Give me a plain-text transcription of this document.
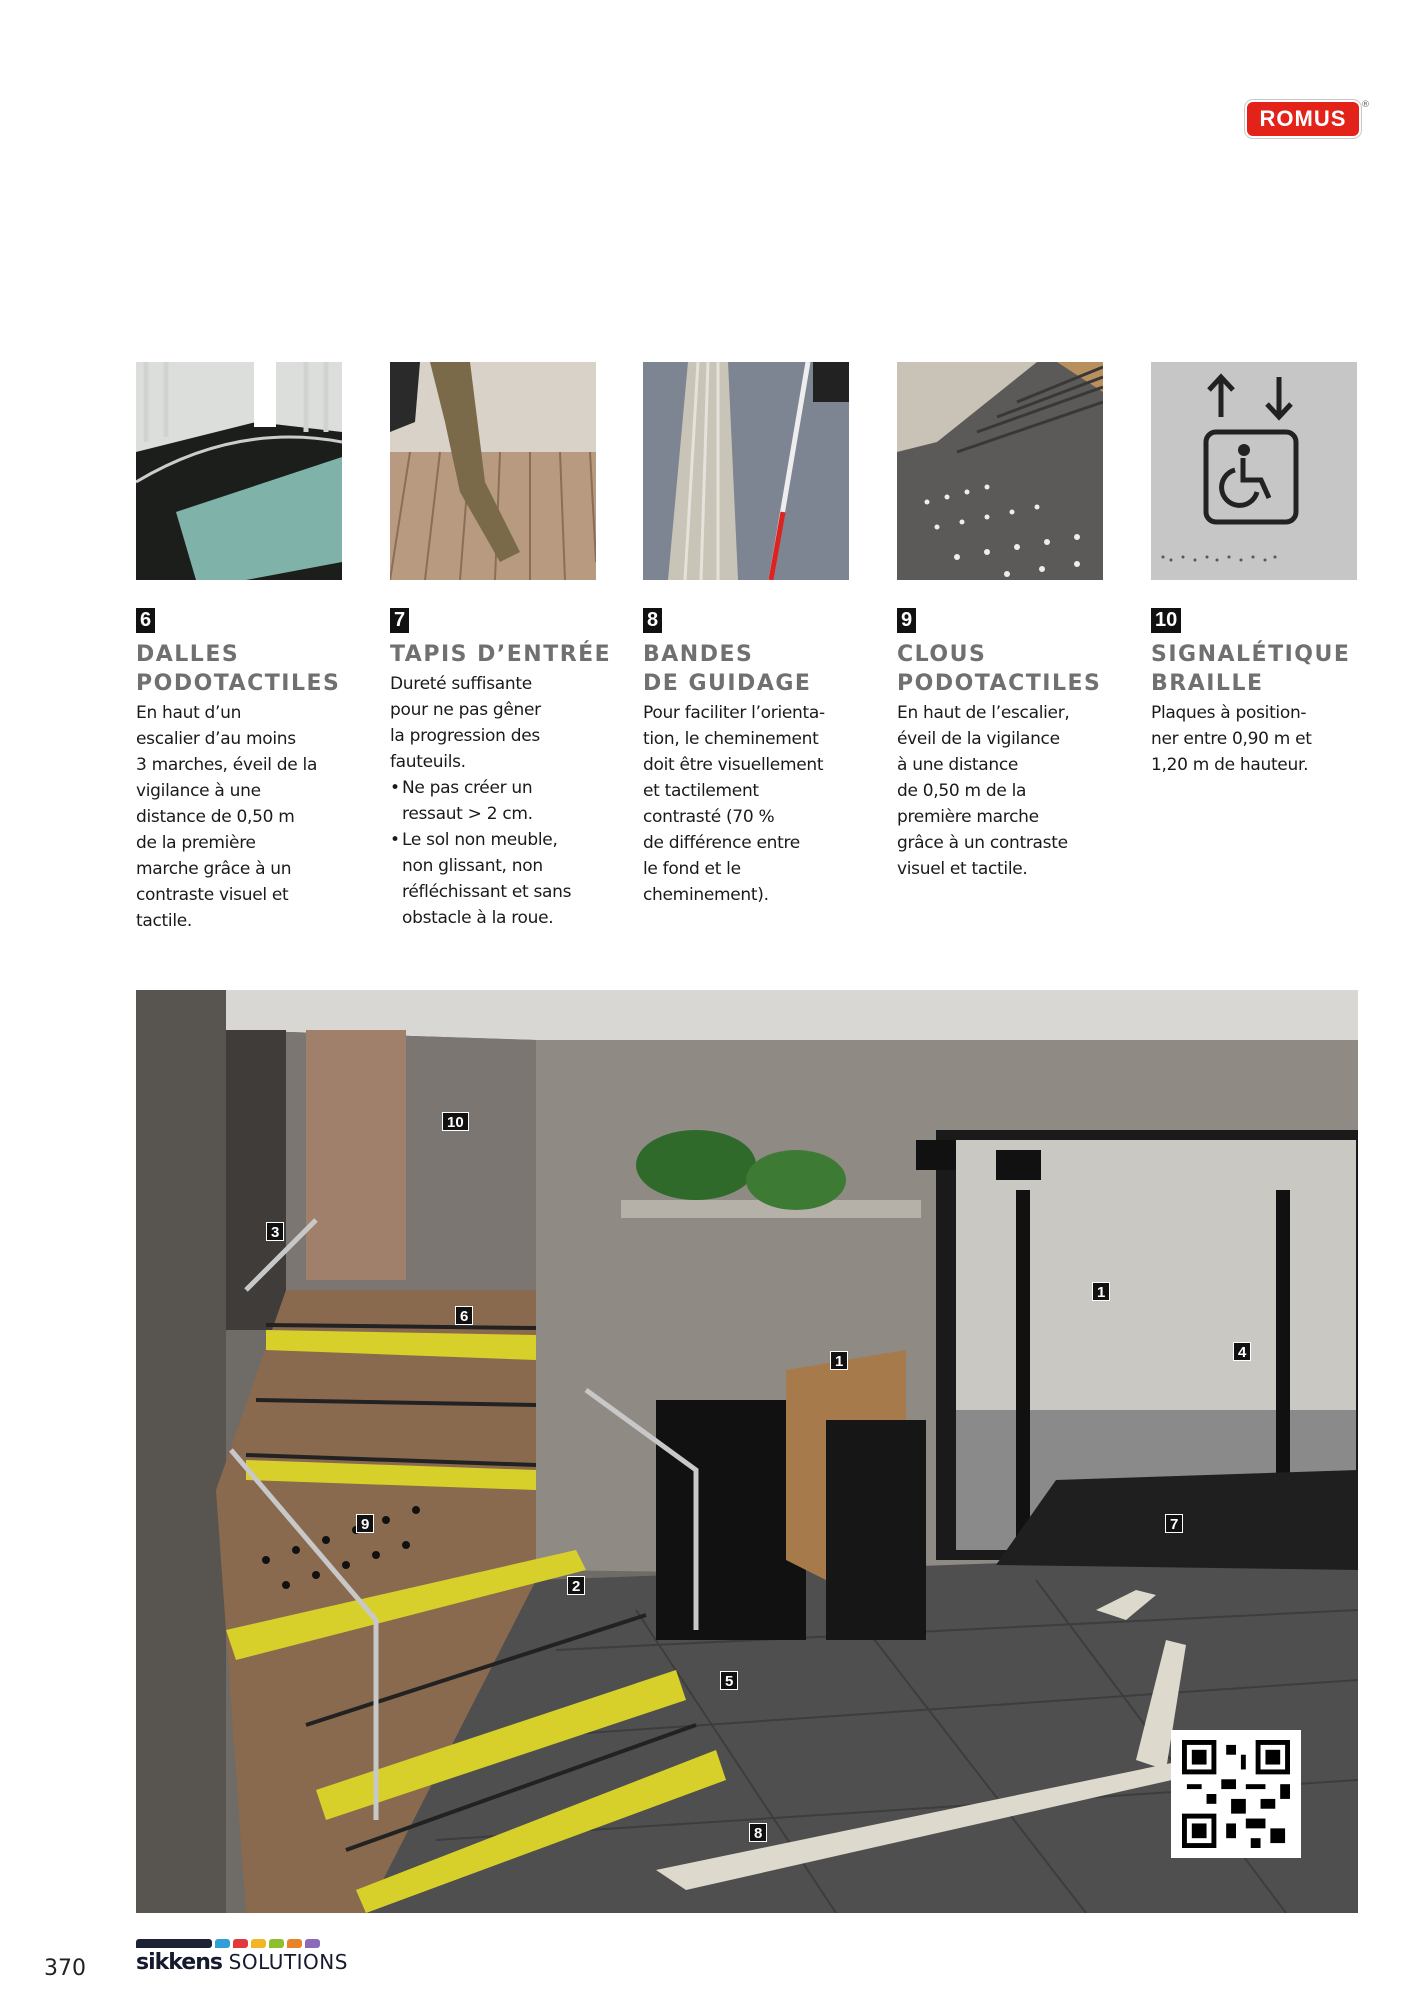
ROMUS
®
6
DALLES
PODOTACTILES
En haut d’un
escalier d’au moins
3 marches, éveil de la
vigilance à une
distance de 0,50 m
de la première
marche grâce à un
contraste visuel et
tactile.
7
TAPIS D’ENTRÉE
Dureté suffisante
pour ne pas gêner
la progression des
fauteuils.
• Ne pas créer un
ressaut > 2 cm.
• Le sol non meuble,
non glissant, non
réfléchissant et sans
obstacle à la roue.
8
BANDES
DE GUIDAGE
Pour faciliter l’orienta-
tion, le cheminement
doit être visuellement
et tactilement
contrasté (70 %
de différence entre
le fond et le
cheminement).
9
CLOUS
PODOTACTILES
En haut de l’escalier,
éveil de la vigilance
à une distance
de 0,50 m de la
première marche
grâce à un contraste
visuel et tactile.
10
SIGNALÉTIQUE
BRAILLE
Plaques à position-
ner entre 0,90 m et
1,20 m de hauteur.
10
3
6
1
1
4
9
2
7
5
8
370 sikkens SOLUTIONS
